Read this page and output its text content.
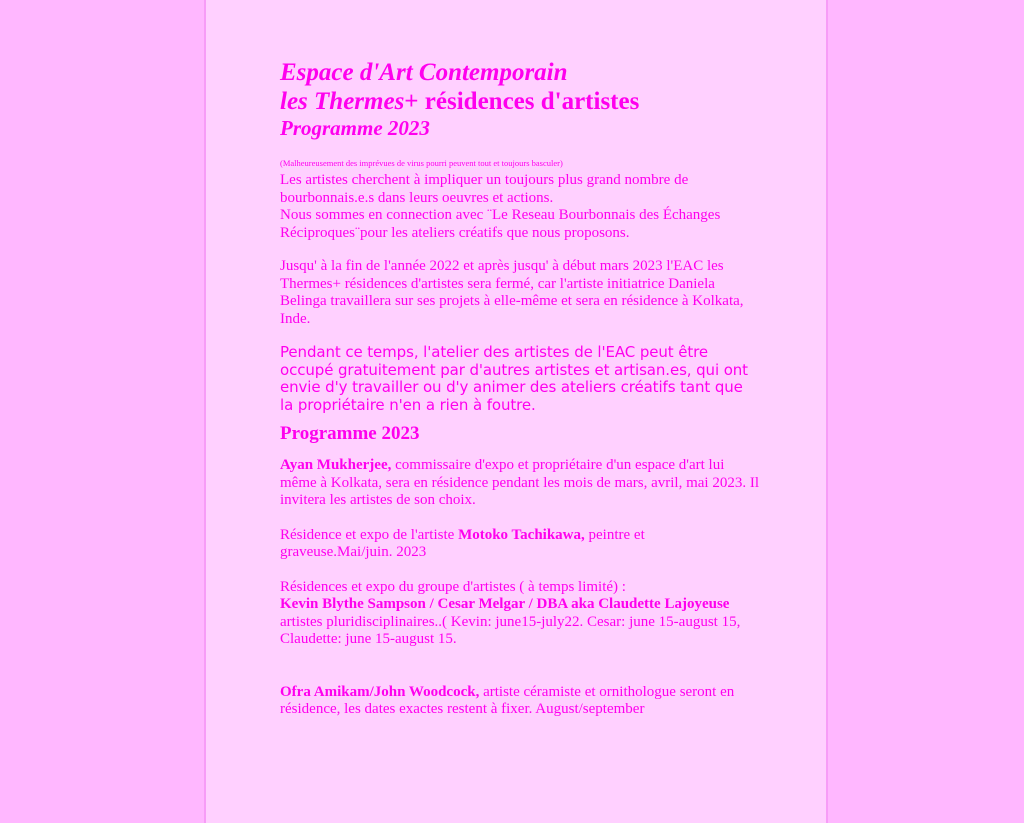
Espace d'Art Contemporain
les Thermes+ résidences d'artistes
Programme 2023

(Malheureusement des imprévues de virus pourri peuvent tout et toujours basculer)

Les artistes cherchent à impliquer un toujours plus grand nombre de bourbonnais.e.s dans leurs oeuvres et actions.
Nous sommes en connection avec ¨Le Reseau Bourbonnais des Échanges Réciproques¨pour les ateliers créatifs que nous proposons.

Jusqu' à la fin de l'année 2022 et après jusqu' à début mars 2023 l'EAC les Thermes+ résidences d'artistes sera fermé, car l'artiste initiatrice Daniela Belinga travaillera sur ses projets à elle-même et sera en résidence à Kolkata, Inde.

Pendant ce temps, l'atelier des artistes de l'EAC peut être occupé gratuitement par d'autres artistes et artisan.es, qui ont envie d'y travailler ou d'y animer des ateliers créatifs tant que la propriétaire n'en a rien à foutre.

Programme 2023

Ayan Mukherjee, commissaire d'expo et propriétaire d'un espace d'art lui même à Kolkata, sera en résidence pendant les mois de mars, avril, mai 2023. Il invitera les artistes de son choix.

Résidence et expo de l'artiste Motoko Tachikawa, peintre et graveuse.Mai/juin. 2023

Résidences et expo du groupe d'artistes ( à temps limité) :
Kevin Blythe Sampson / Cesar Melgar / DBA aka Claudette Lajoyeuse
artistes pluridisciplinaires..( Kevin: june15-july22. Cesar: june 15-august 15, Claudette: june 15-august 15.

Ofra Amikam/John Woodcock, artiste céramiste et ornithologue seront en résidence, les dates exactes restent à fixer. August/september
